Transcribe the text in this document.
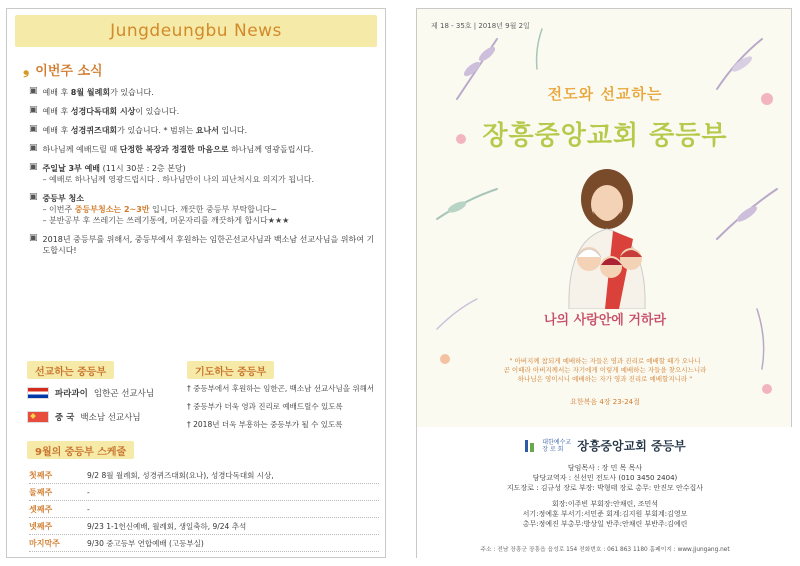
Jungdeungbu News
❟ 이번주 소식
▣ 예배 후 8월 월례회가 있습니다.
▣ 예배 후 성경다독대회 시상이 있습니다.
▣ 예배 후 성경퀴즈대회가 있습니다. * 범위는 요나서 입니다.
▣ 하나님께 예배드릴 때 단정한 복장과 정결한 마음으로 하나님께 영광돌립시다.
▣ 주일날 3부 예배 (11시 30분 : 2층 본당)
– 예배로 하나님께 영광드립시다 . 하나님만이 나의 피난처시요 의지가 됩니다.
▣ 중등부 청소
– 이번주 중등부청소는 2~3반 입니다. 깨끗한 중등부 부탁합니다~
– 분반공부 후 쓰레기는 쓰레기통에, 머문자리를 깨끗하게 합시다★★★
▣ 2018년 중등부를 위해서, 중등부에서 후원하는 임한곤선교사님과 백소남 선교사님을 위하여 기도합시다!
선교하는 중등부
파라과이 임한곤 선교사님
중 국 백소남 선교사님
기도하는 중등부
† 중등부에서 후원하는 임한곤, 백소남 선교사님을 위해서
† 중등부가 더욱 영과 진리로 예배드릴수 있도록
† 2018년 더욱 부흥하는 중등부가 될 수 있도록
9월의 중등부 스케줄
첫째주	9/2 8월 월례회, 성경퀴즈대회(요나), 성경다독대회 시상,
둘째주	-
셋째주	-
넷째주	9/23 1-1헌신예배, 월례회, 생일축하, 9/24 추석
마지막주	9/30 중고등부 연합예배 (고등부실)
제 18 - 35호 | 2018년 9월 2일
전도와 선교하는
장흥중앙교회 중등부
나의 사랑안에 거하라
" 아버지께 참되게 예배하는 자들은 영과 진리로 예배할 때가 오나니
곧 이때라 아버지께서는 자기에게 이렇게 예배하는 자들을 찾으시느니라
하나님은 영이시니 예배하는 자가 영과 진리로 예배할지니라 "
요한복음 4장 23-24절
대한예수교
장 로 회	장흥중앙교회 중등부
담임목사 : 장 민 목 목사
담당교역자 : 신선민 전도사 (010 3450 2404)
지도장로 : 김규성 장로 부장: 박형태 장로 총무: 안진모 안수집사
회장:이주빈 부회장:안채린, 조민석
서기:정예훈 부서기:서민준 회계:김지원 부회계:김영모
총무:정예진 부총무:방상일 반주:안채린 부반주:김예린
주소 : 전남 장흥군 장흥읍 읍성로 154 전화번호 : 061 863 1180 홈페이지 : www.jjungang.net
